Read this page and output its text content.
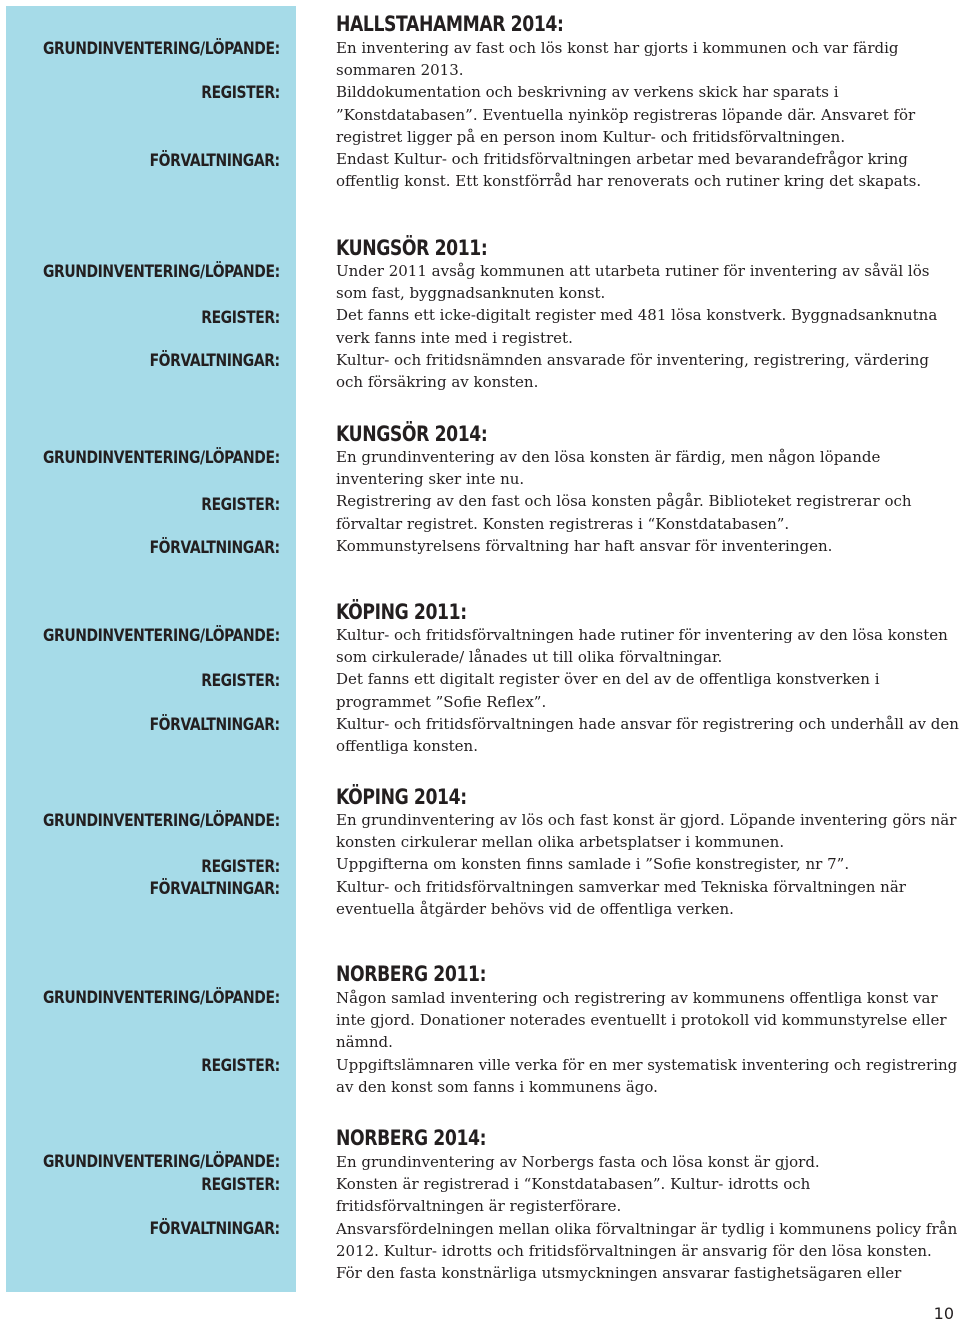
GRUNDINVENTERING/LÖPANDE:
REGISTER:
FÖRVALTNINGAR:
HALLSTAHAMMAR 2014:

En inventering av fast och lös konst har gjorts i kommunen och var färdig sommaren 2013.

Bilddokumentation och beskrivning av verkens skick har sparats i ”Konstdatabasen”. Eventuella nyinköp registreras löpande där. Ansvaret för registret ligger på en person inom Kultur- och fritidsförvaltningen.

Endast Kultur- och fritidsförvaltningen arbetar med bevarandefrågor kring offentlig konst. Ett konstförråd har renoverats och rutiner kring det skapats.

GRUNDINVENTERING/LÖPANDE:
REGISTER:
FÖRVALTNINGAR:
KUNGSÖR 2011:

Under 2011 avsåg kommunen att utarbeta rutiner för inventering av såväl lös som fast, byggnadsanknuten konst.

Det fanns ett icke-digitalt register med 481 lösa konstverk. Byggnadsanknutna verk fanns inte med i registret.

Kultur- och fritidsnämnden ansvarade för inventering, registrering, värdering och försäkring av konsten.

GRUNDINVENTERING/LÖPANDE:
REGISTER:
FÖRVALTNINGAR:
KUNGSÖR 2014:

En grundinventering av den lösa konsten är färdig, men någon löpande inventering sker inte nu.

Registrering av den fast och lösa konsten pågår. Biblioteket registrerar och förvaltar registret. Konsten registreras i “Konstdatabasen”.

Kommunstyrelsens förvaltning har haft ansvar för inventeringen.

GRUNDINVENTERING/LÖPANDE:
REGISTER:
FÖRVALTNINGAR:
KÖPING 2011:

Kultur- och fritidsförvaltningen hade rutiner för inventering av den lösa konsten som cirkulerade/ lånades ut till olika förvaltningar.

Det fanns ett digitalt register över en del av de offentliga konstverken i programmet ”Sofie Reflex”.

Kultur- och fritidsförvaltningen hade ansvar för registrering och underhåll av den offentliga konsten.

GRUNDINVENTERING/LÖPANDE:
REGISTER:
FÖRVALTNINGAR:
KÖPING 2014:

En grundinventering av lös och fast konst är gjord. Löpande inventering görs när konsten cirkulerar mellan olika arbetsplatser i kommunen.

Uppgifterna om konsten finns samlade i ”Sofie konstregister, nr 7”.

Kultur- och fritidsförvaltningen samverkar med Tekniska förvaltningen när eventuella åtgärder behövs vid de offentliga verken.

GRUNDINVENTERING/LÖPANDE:
REGISTER:
NORBERG 2011:

Någon samlad inventering och registrering av kommunens offentliga konst var inte gjord. Donationer noterades eventuellt i protokoll vid kommunstyrelse eller nämnd.

Uppgiftslämnaren ville verka för en mer systematisk inventering och registrering av den konst som fanns i kommunens ägo.

GRUNDINVENTERING/LÖPANDE:
REGISTER:
FÖRVALTNINGAR:
NORBERG 2014:

En grundinventering av Norbergs fasta och lösa konst är gjord.

Konsten är registrerad i “Konstdatabasen”. Kultur- idrotts och fritidsförvaltningen är registerförare.

Ansvarsfördelningen mellan olika förvaltningar är tydlig i kommunens policy från 2012. Kultur- idrotts och fritidsförvaltningen är ansvarig för den lösa konsten. För den fasta konstnärliga utsmyckningen ansvarar fastighetsägaren eller

10
